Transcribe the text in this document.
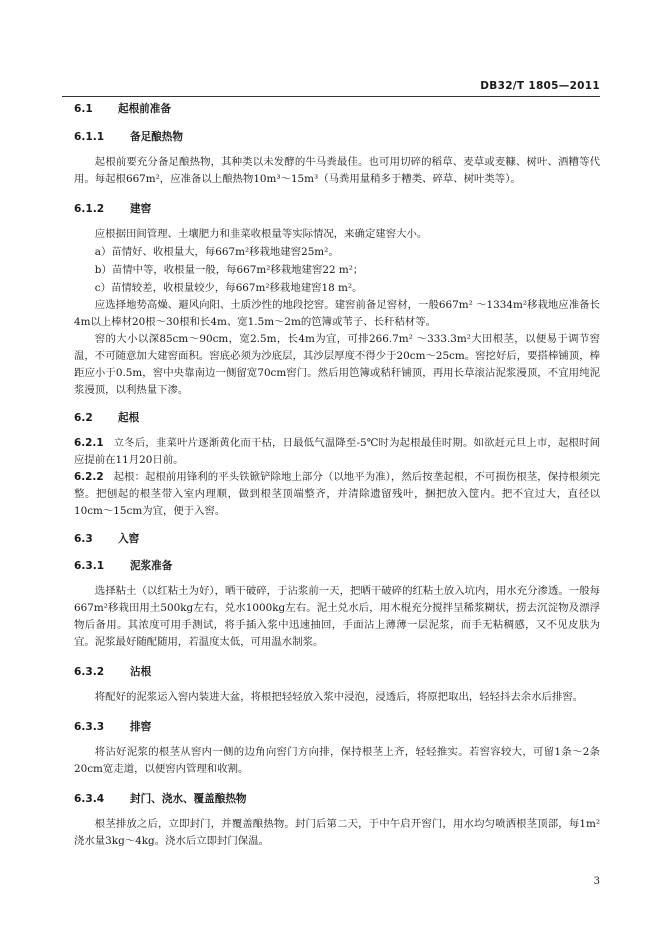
DB32/T 1805—2011
6.1 起根前准备
6.1.1 备足酿热物

起根前要充分备足酿热物，其种类以未发酵的牛马粪最佳。也可用切碎的稻草、麦草或麦糠、树叶、酒糟等代用。每起根667m²，应准备以上酿热物10m³～15m³（马粪用量稍多于糟类、碎草、树叶类等）。

6.1.2 建窖

应根据田间管理、土壤肥力和韭菜收根量等实际情况，来确定建窖大小。

a）苗情好、收根量大，每667m²移栽地建窖25m²。

b）苗情中等，收根量一般，每667m²移栽地建窖22 m²；

c）苗情较差，收根量较少，每667m²移栽地建窖18 m²。

应选择地势高燥、避风向阳、土质沙性的地段挖窖。建窖前备足窖材，一般667m² ～1334m²移栽地应准备长4m以上棒材20根～30根和长4m、宽1.5m～2m的笆簿或苇子、长秆秸材等。

窖的大小以深85cm～90cm，宽2.5m，长4m为宜，可排266.7m² ～333.3m²大田根茎，以便易于调节窖温，不可随意加大建窖面积。窖底必须为沙底层，其沙层厚度不得少于20cm～25cm。窖挖好后，要搭棒铺顶，棒距应小于0.5m，窖中央靠南边一侧留宽70cm窖门。然后用笆簿或秸秆铺顶，再用长草滚沾泥浆漫顶，不宜用纯泥浆漫顶，以利热量下渗。

6.2 起根

6.2.1 立冬后，韭菜叶片逐渐黄化而干枯，日最低气温降至-5℃时为起根最佳时期。如欲赶元旦上市，起根时间应提前在11月20日前。

6.2.2 起根：起根前用锋利的平头铁锨铲除地上部分（以地平为准），然后按垄起根，不可损伤根茎，保持根须完整。把刨起的根茎带入室内理顺，做到根茎顶端整齐，并清除遗留残叶，捆把放入筐内。把不宜过大，直径以10cm～15cm为宜，便于入窖。

6.3 入窖
6.3.1 泥浆准备

选择粘土（以红粘土为好），晒干破碎，于沾浆前一天，把晒干破碎的红粘土放入坑内，用水充分渗透。一般每667m²移栽田用土500kg左右，兑水1000kg左右。泥土兑水后，用木棍充分搅拌呈稀浆糊状，捞去沉淀物及漂浮物后备用。其浓度可用手测试，将手插入浆中迅速抽回，手面沾上薄薄一层泥浆，而手无粘稠感，又不见皮肤为宜。泥浆最好随配随用，若温度太低，可用温水制浆。

6.3.2 沾根

将配好的泥浆运入窖内装进大盆，将根把轻轻放入浆中浸泡，浸透后，将原把取出，轻轻抖去余水后排窖。

6.3.3 排窖

将沾好泥浆的根茎从窖内一侧的边角向窖门方向排，保持根茎上齐，轻轻推实。若窖容较大，可留1条～2条20cm宽走道，以便窖内管理和收割。

6.3.4 封门、浇水、覆盖酿热物

根茎排放之后，立即封门，并覆盖酿热物。封门后第二天，于中午启开窖门，用水均匀喷洒根茎顶部，每1m²浇水量3kg～4kg。浇水后立即封门保温。

3
